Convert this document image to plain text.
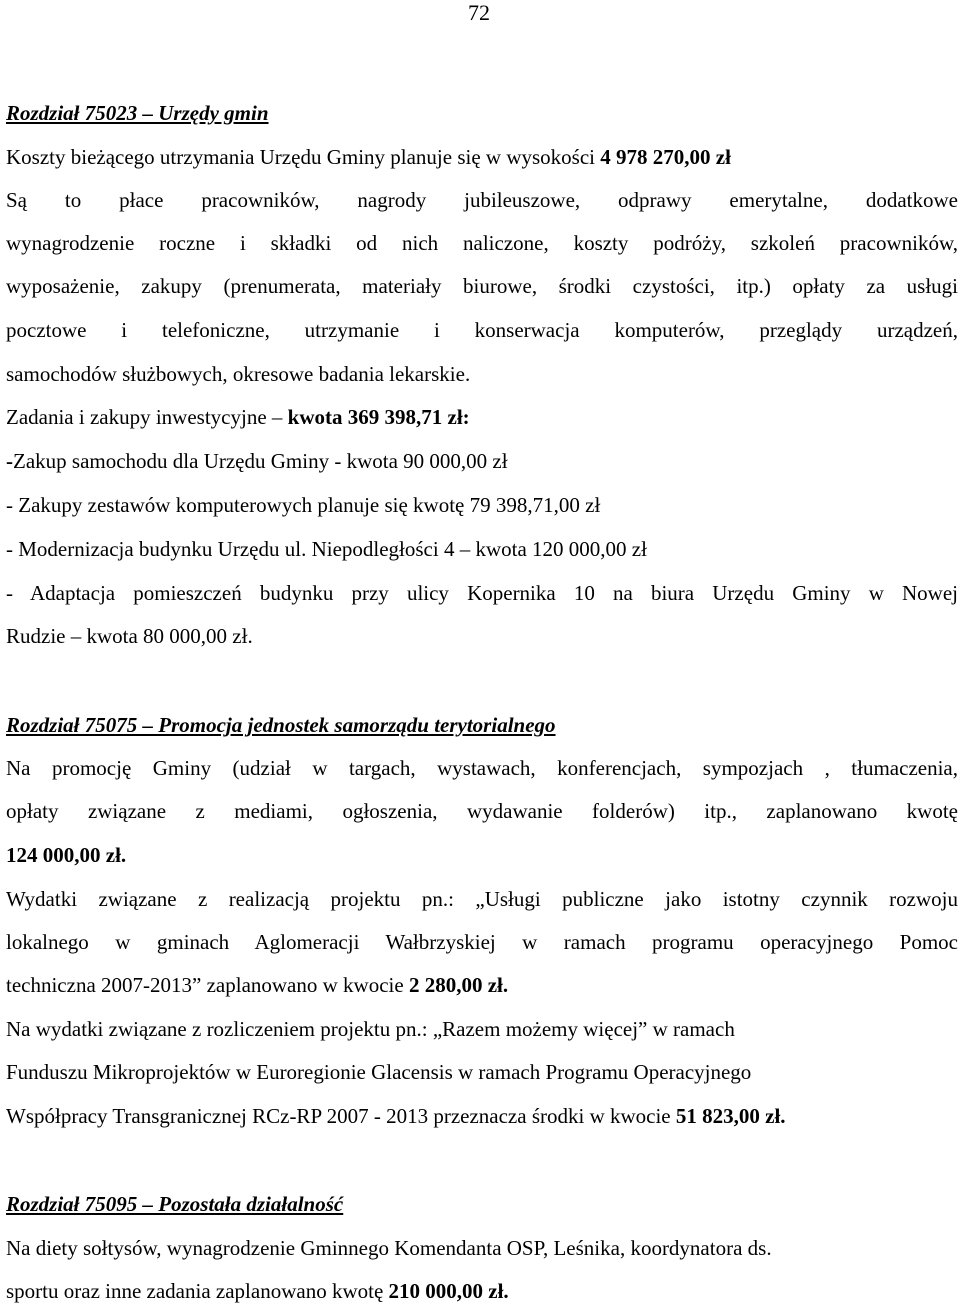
72
Rozdział 75023 – Urzędy gmin
Koszty bieżącego utrzymania Urzędu Gminy planuje się w wysokości 4 978 270,00 zł
Są to płace pracowników, nagrody jubileuszowe, odprawy emerytalne, dodatkowe
wynagrodzenie roczne i składki od nich naliczone, koszty podróży, szkoleń pracowników,
wyposażenie, zakupy (prenumerata, materiały biurowe, środki czystości, itp.) opłaty za usługi
pocztowe i telefoniczne, utrzymanie i konserwacja komputerów, przeglądy urządzeń,
samochodów służbowych, okresowe badania lekarskie.
Zadania i zakupy inwestycyjne – kwota 369 398,71 zł:
-Zakup samochodu dla Urzędu Gminy - kwota 90 000,00 zł
- Zakupy zestawów komputerowych planuje się kwotę 79 398,71,00 zł
- Modernizacja budynku Urzędu ul. Niepodległości 4 – kwota 120 000,00 zł
- Adaptacja pomieszczeń budynku przy ulicy Kopernika 10 na biura Urzędu Gminy w Nowej
Rudzie – kwota 80 000,00 zł.
Rozdział 75075 – Promocja jednostek samorządu terytorialnego
Na promocję Gminy (udział w targach, wystawach, konferencjach, sympozjach , tłumaczenia,
opłaty związane z mediami, ogłoszenia, wydawanie folderów) itp., zaplanowano kwotę
124 000,00 zł.
Wydatki związane z realizacją projektu pn.: „Usługi publiczne jako istotny czynnik rozwoju
lokalnego w gminach Aglomeracji Wałbrzyskiej w ramach programu operacyjnego Pomoc
techniczna 2007-2013” zaplanowano w kwocie 2 280,00 zł.
Na wydatki związane z rozliczeniem projektu pn.: „Razem możemy więcej” w ramach
Funduszu Mikroprojektów w Euroregionie Glacensis w ramach Programu Operacyjnego
Współpracy Transgranicznej RCz-RP 2007 - 2013 przeznacza środki w kwocie 51 823,00 zł.
Rozdział 75095 – Pozostała działalność
Na diety sołtysów, wynagrodzenie Gminnego Komendanta OSP, Leśnika, koordynatora ds.
sportu oraz inne zadania zaplanowano kwotę 210 000,00 zł.
